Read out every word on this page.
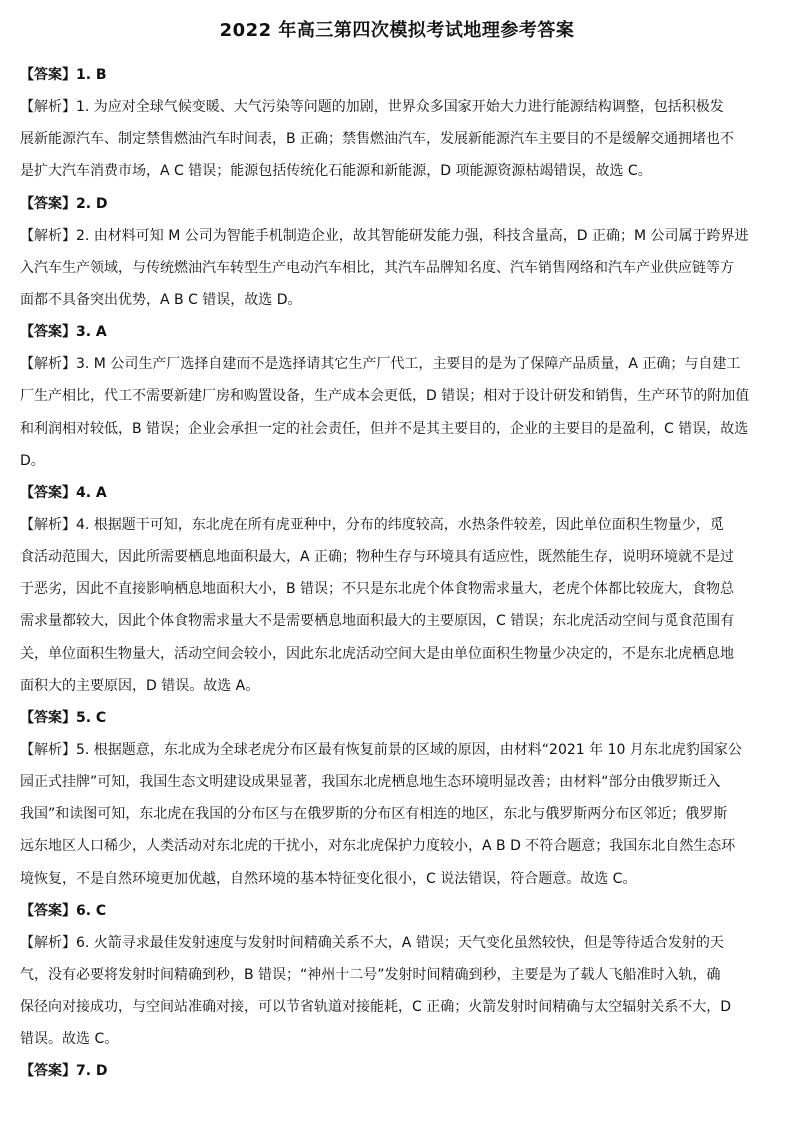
2022 年高三第四次模拟考试地理参考答案
【答案】1. B
【解析】1. 为应对全球气候变暖、大气污染等问题的加剧，世界众多国家开始大力进行能源结构调整，包括积极发
展新能源汽车、制定禁售燃油汽车时间表，B 正确；禁售燃油汽车，发展新能源汽车主要目的不是缓解交通拥堵也不
是扩大汽车消费市场，A C 错误；能源包括传统化石能源和新能源，D 项能源资源枯竭错误，故选 C。
【答案】2. D
【解析】2. 由材料可知 M 公司为智能手机制造企业，故其智能研发能力强，科技含量高，D 正确；M 公司属于跨界进
入汽车生产领域，与传统燃油汽车转型生产电动汽车相比，其汽车品牌知名度、汽车销售网络和汽车产业供应链等方
面都不具备突出优势，A B C 错误，故选 D。
【答案】3. A
【解析】3. M 公司生产厂选择自建而不是选择请其它生产厂代工，主要目的是为了保障产品质量，A 正确；与自建工
厂生产相比，代工不需要新建厂房和购置设备，生产成本会更低，D 错误；相对于设计研发和销售，生产环节的附加值
和利润相对较低，B 错误；企业会承担一定的社会责任，但并不是其主要目的，企业的主要目的是盈利，C 错误，故选
D。
【答案】4. A
【解析】4. 根据题干可知，东北虎在所有虎亚种中，分布的纬度较高，水热条件较差，因此单位面积生物量少，觅
食活动范围大，因此所需要栖息地面积最大，A 正确；物种生存与环境具有适应性，既然能生存，说明环境就不是过
于恶劣，因此不直接影响栖息地面积大小，B 错误；不只是东北虎个体食物需求量大，老虎个体都比较庞大，食物总
需求量都较大，因此个体食物需求量大不是需要栖息地面积最大的主要原因，C 错误；东北虎活动空间与觅食范围有
关，单位面积生物量大，活动空间会较小，因此东北虎活动空间大是由单位面积生物量少决定的，不是东北虎栖息地
面积大的主要原因，D 错误。故选 A。
【答案】5. C
【解析】5. 根据题意，东北成为全球老虎分布区最有恢复前景的区域的原因，由材料“2021 年 10 月东北虎豹国家公
园正式挂牌”可知，我国生态文明建设成果显著，我国东北虎栖息地生态环境明显改善；由材料“部分由俄罗斯迁入
我国”和读图可知，东北虎在我国的分布区与在俄罗斯的分布区有相连的地区，东北与俄罗斯两分布区邻近；俄罗斯
远东地区人口稀少，人类活动对东北虎的干扰小，对东北虎保护力度较小，A B D 不符合题意；我国东北自然生态环
境恢复，不是自然环境更加优越，自然环境的基本特征变化很小，C 说法错误，符合题意。故选 C。
【答案】6. C
【解析】6. 火箭寻求最佳发射速度与发射时间精确关系不大，A 错误；天气变化虽然较快，但是等待适合发射的天
气，没有必要将发射时间精确到秒，B 错误；“神州十二号”发射时间精确到秒，主要是为了载人飞船准时入轨，确
保径向对接成功，与空间站准确对接，可以节省轨道对接能耗，C 正确；火箭发射时间精确与太空辐射关系不大，D
错误。故选 C。
【答案】7. D
